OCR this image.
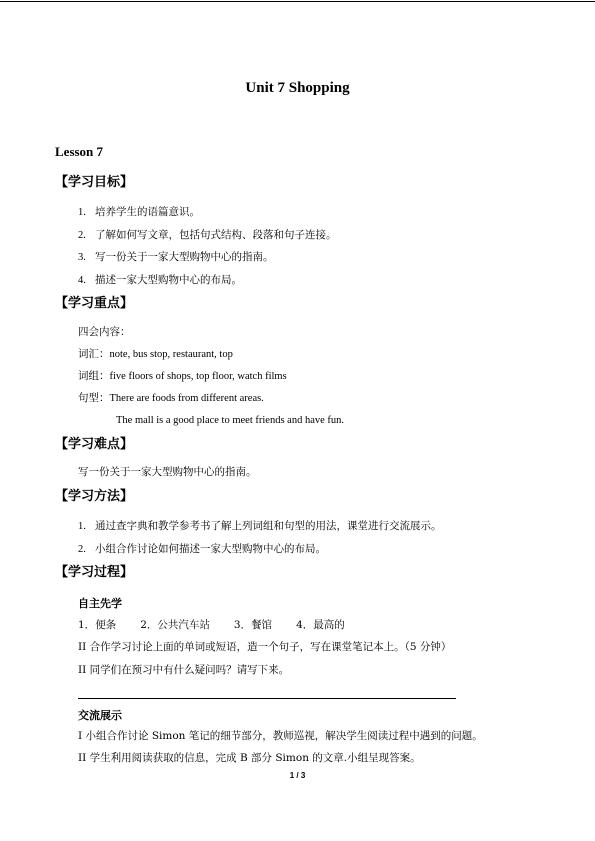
Unit 7 Shopping
Lesson 7
【学习目标】
1. 培养学生的语篇意识。
2. 了解如何写文章，包括句式结构、段落和句子连接。
3. 写一份关于一家大型购物中心的指南。
4. 描述一家大型购物中心的布局。
【学习重点】
四会内容：
词汇：note, bus stop, restaurant, top
词组：five floors of shops, top floor, watch films
句型：There are foods from different areas.
The mall is a good place to meet friends and have fun.
【学习难点】
写一份关于一家大型购物中心的指南。
【学习方法】
1. 通过查字典和教学参考书了解上列词组和句型的用法，课堂进行交流展示。
2. 小组合作讨论如何描述一家大型购物中心的布局。
【学习过程】
自主先学
1．便条 2．公共汽车站 3．餐馆 4．最高的
II 合作学习讨论上面的单词或短语，造一个句子，写在课堂笔记本上。（5 分钟）
II 同学们在预习中有什么疑问吗？请写下来。
交流展示
I 小组合作讨论 Simon 笔记的细节部分，教师巡视，解决学生阅读过程中遇到的问题。
II 学生利用阅读获取的信息，完成 B 部分 Simon 的文章.小组呈现答案。
1 / 3
